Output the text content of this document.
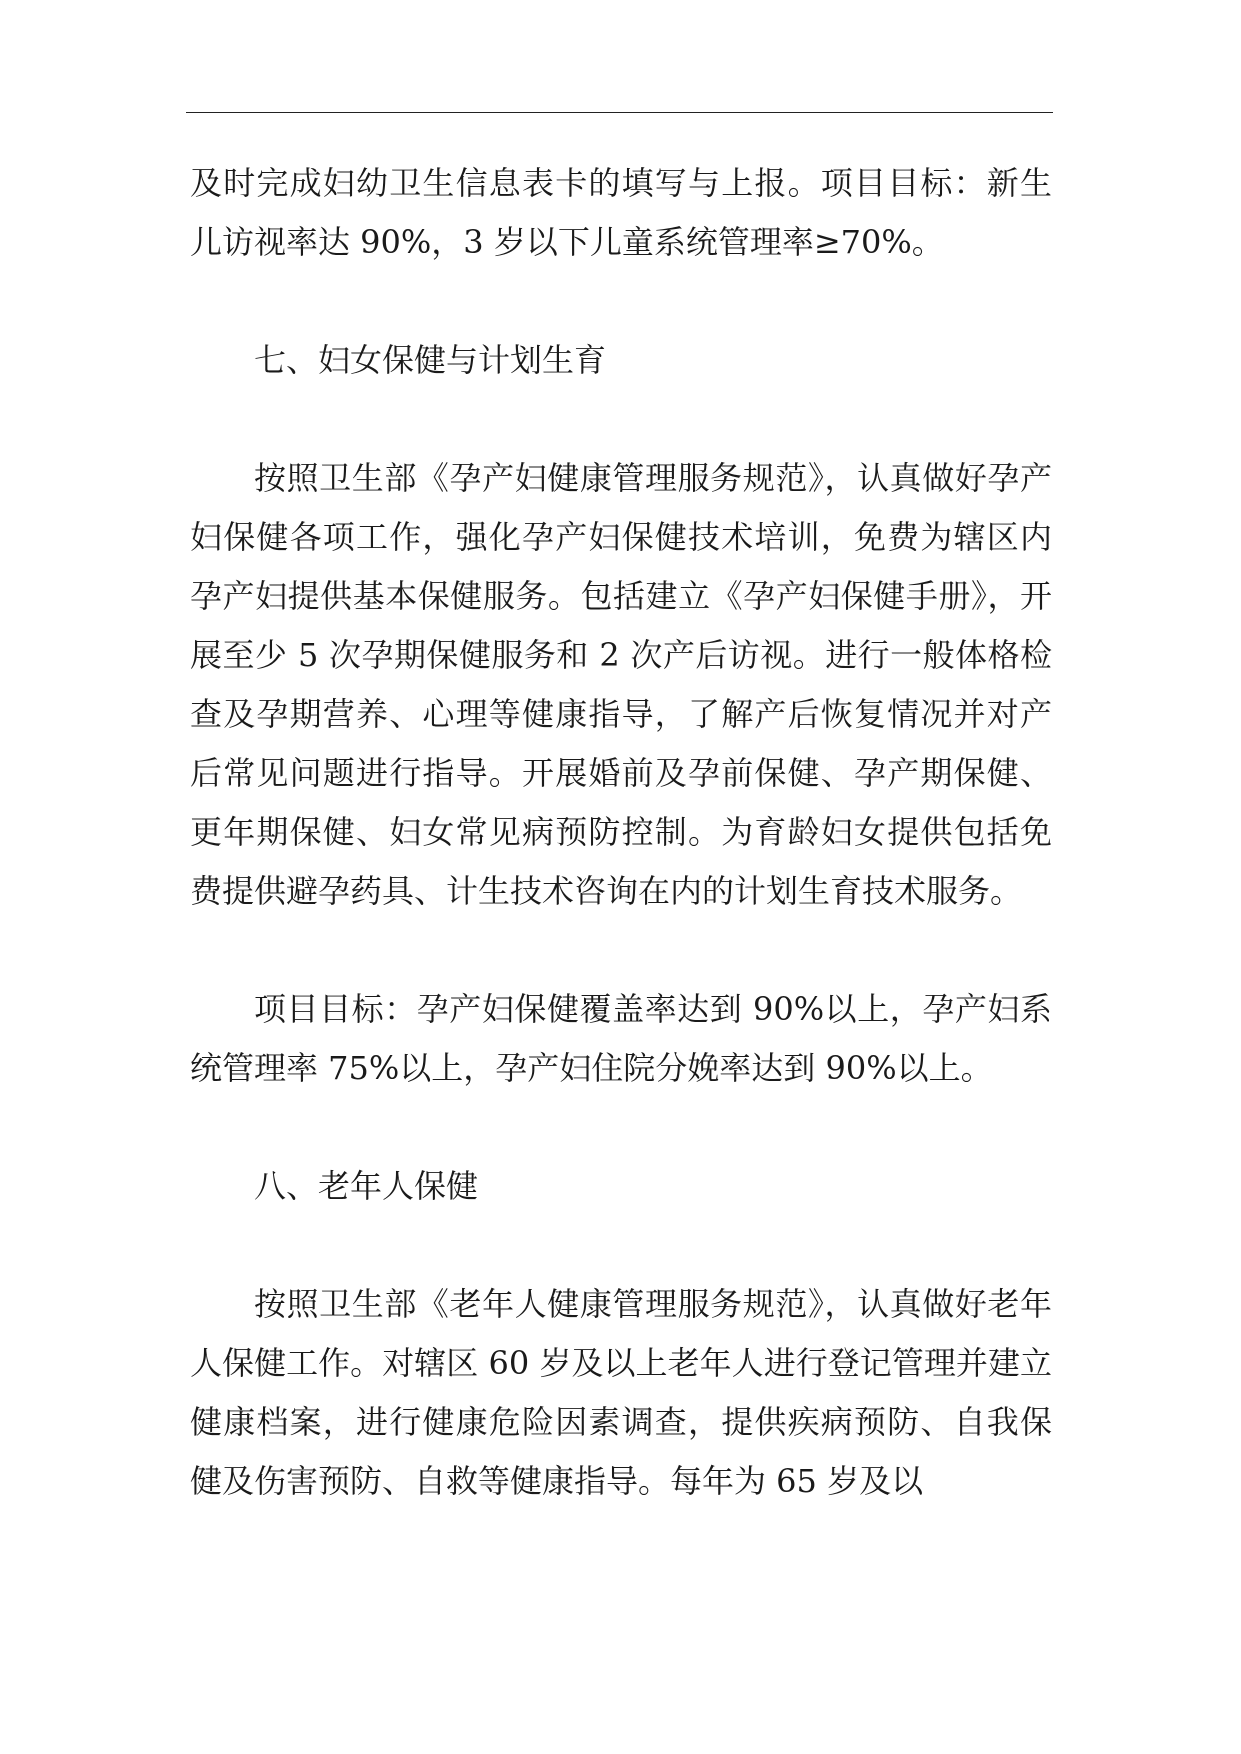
及时完成妇幼卫生信息表卡的填写与上报。项目目标：新生儿访视率达 90%，3 岁以下儿童系统管理率≥70%。

七、妇女保健与计划生育

按照卫生部《孕产妇健康管理服务规范》，认真做好孕产妇保健各项工作，强化孕产妇保健技术培训，免费为辖区内孕产妇提供基本保健服务。包括建立《孕产妇保健手册》，开展至少 5 次孕期保健服务和 2 次产后访视。进行一般体格检查及孕期营养、心理等健康指导，了解产后恢复情况并对产后常见问题进行指导。开展婚前及孕前保健、孕产期保健、更年期保健、妇女常见病预防控制。为育龄妇女提供包括免费提供避孕药具、计生技术咨询在内的计划生育技术服务。

项目目标：孕产妇保健覆盖率达到 90%以上，孕产妇系统管理率 75%以上，孕产妇住院分娩率达到 90%以上。

八、老年人保健

按照卫生部《老年人健康管理服务规范》，认真做好老年人保健工作。对辖区 60 岁及以上老年人进行登记管理并建立健康档案，进行健康危险因素调查，提供疾病预防、自我保健及伤害预防、自救等健康指导。每年为 65 岁及以
